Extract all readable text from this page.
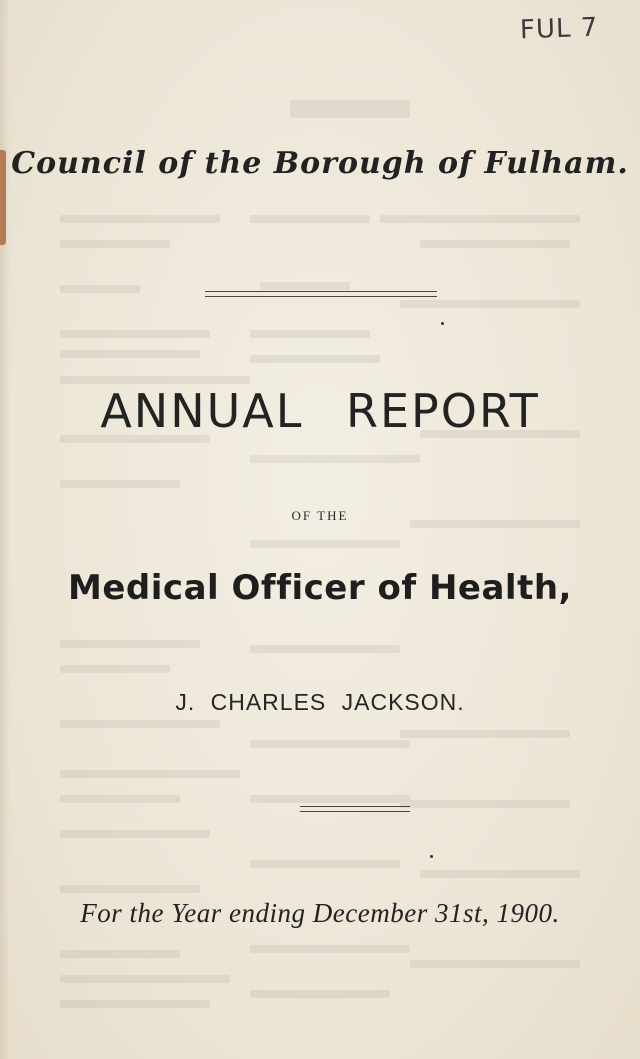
FUL 7
Council of the Borough of Fulham.
ANNUAL REPORT
OF THE
Medical Officer of Health,
J. CHARLES JACKSON.
For the Year ending December 31st, 1900.
